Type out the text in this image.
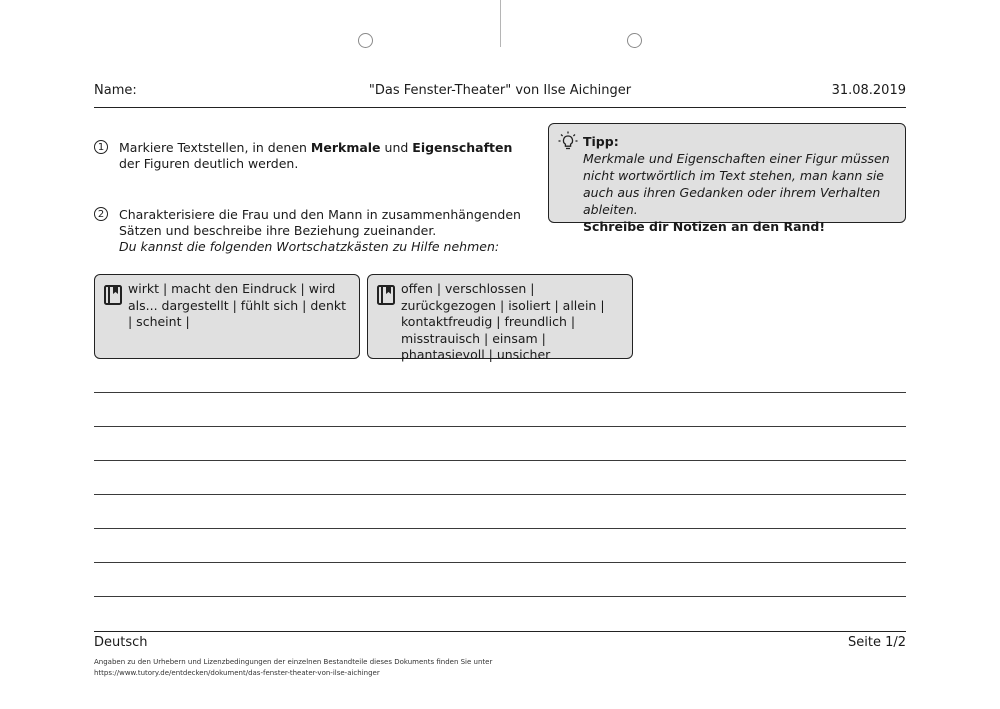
Name:	"Das Fenster-Theater" von Ilse Aichinger	31.08.2019
1	Markiere Textstellen, in denen Merkmale und Eigenschaften
der Figuren deutlich werden.
2	Charakterisiere die Frau und den Mann in zusammenhängenden
Sätzen und beschreibe ihre Beziehung zueinander.
Du kannst die folgenden Wortschatzkästen zu Hilfe nehmen:
Tipp:
Merkmale und Eigenschaften einer Figur müssen nicht wortwörtlich im Text stehen, man kann sie auch aus ihren Gedanken oder ihrem Verhalten ableiten.
Schreibe dir Notizen an den Rand!
wirkt | macht den Eindruck | wird als... dargestellt | fühlt sich | denkt | scheint |
offen | verschlossen | zurückgezogen | isoliert | allein | kontaktfreudig | freundlich | misstrauisch | einsam | phantasievoll | unsicher
Deutsch	Seite 1/2
Angaben zu den Urhebern und Lizenzbedingungen der einzelnen Bestandteile dieses Dokuments finden Sie unter
https://www.tutory.de/entdecken/dokument/das-fenster-theater-von-ilse-aichinger
